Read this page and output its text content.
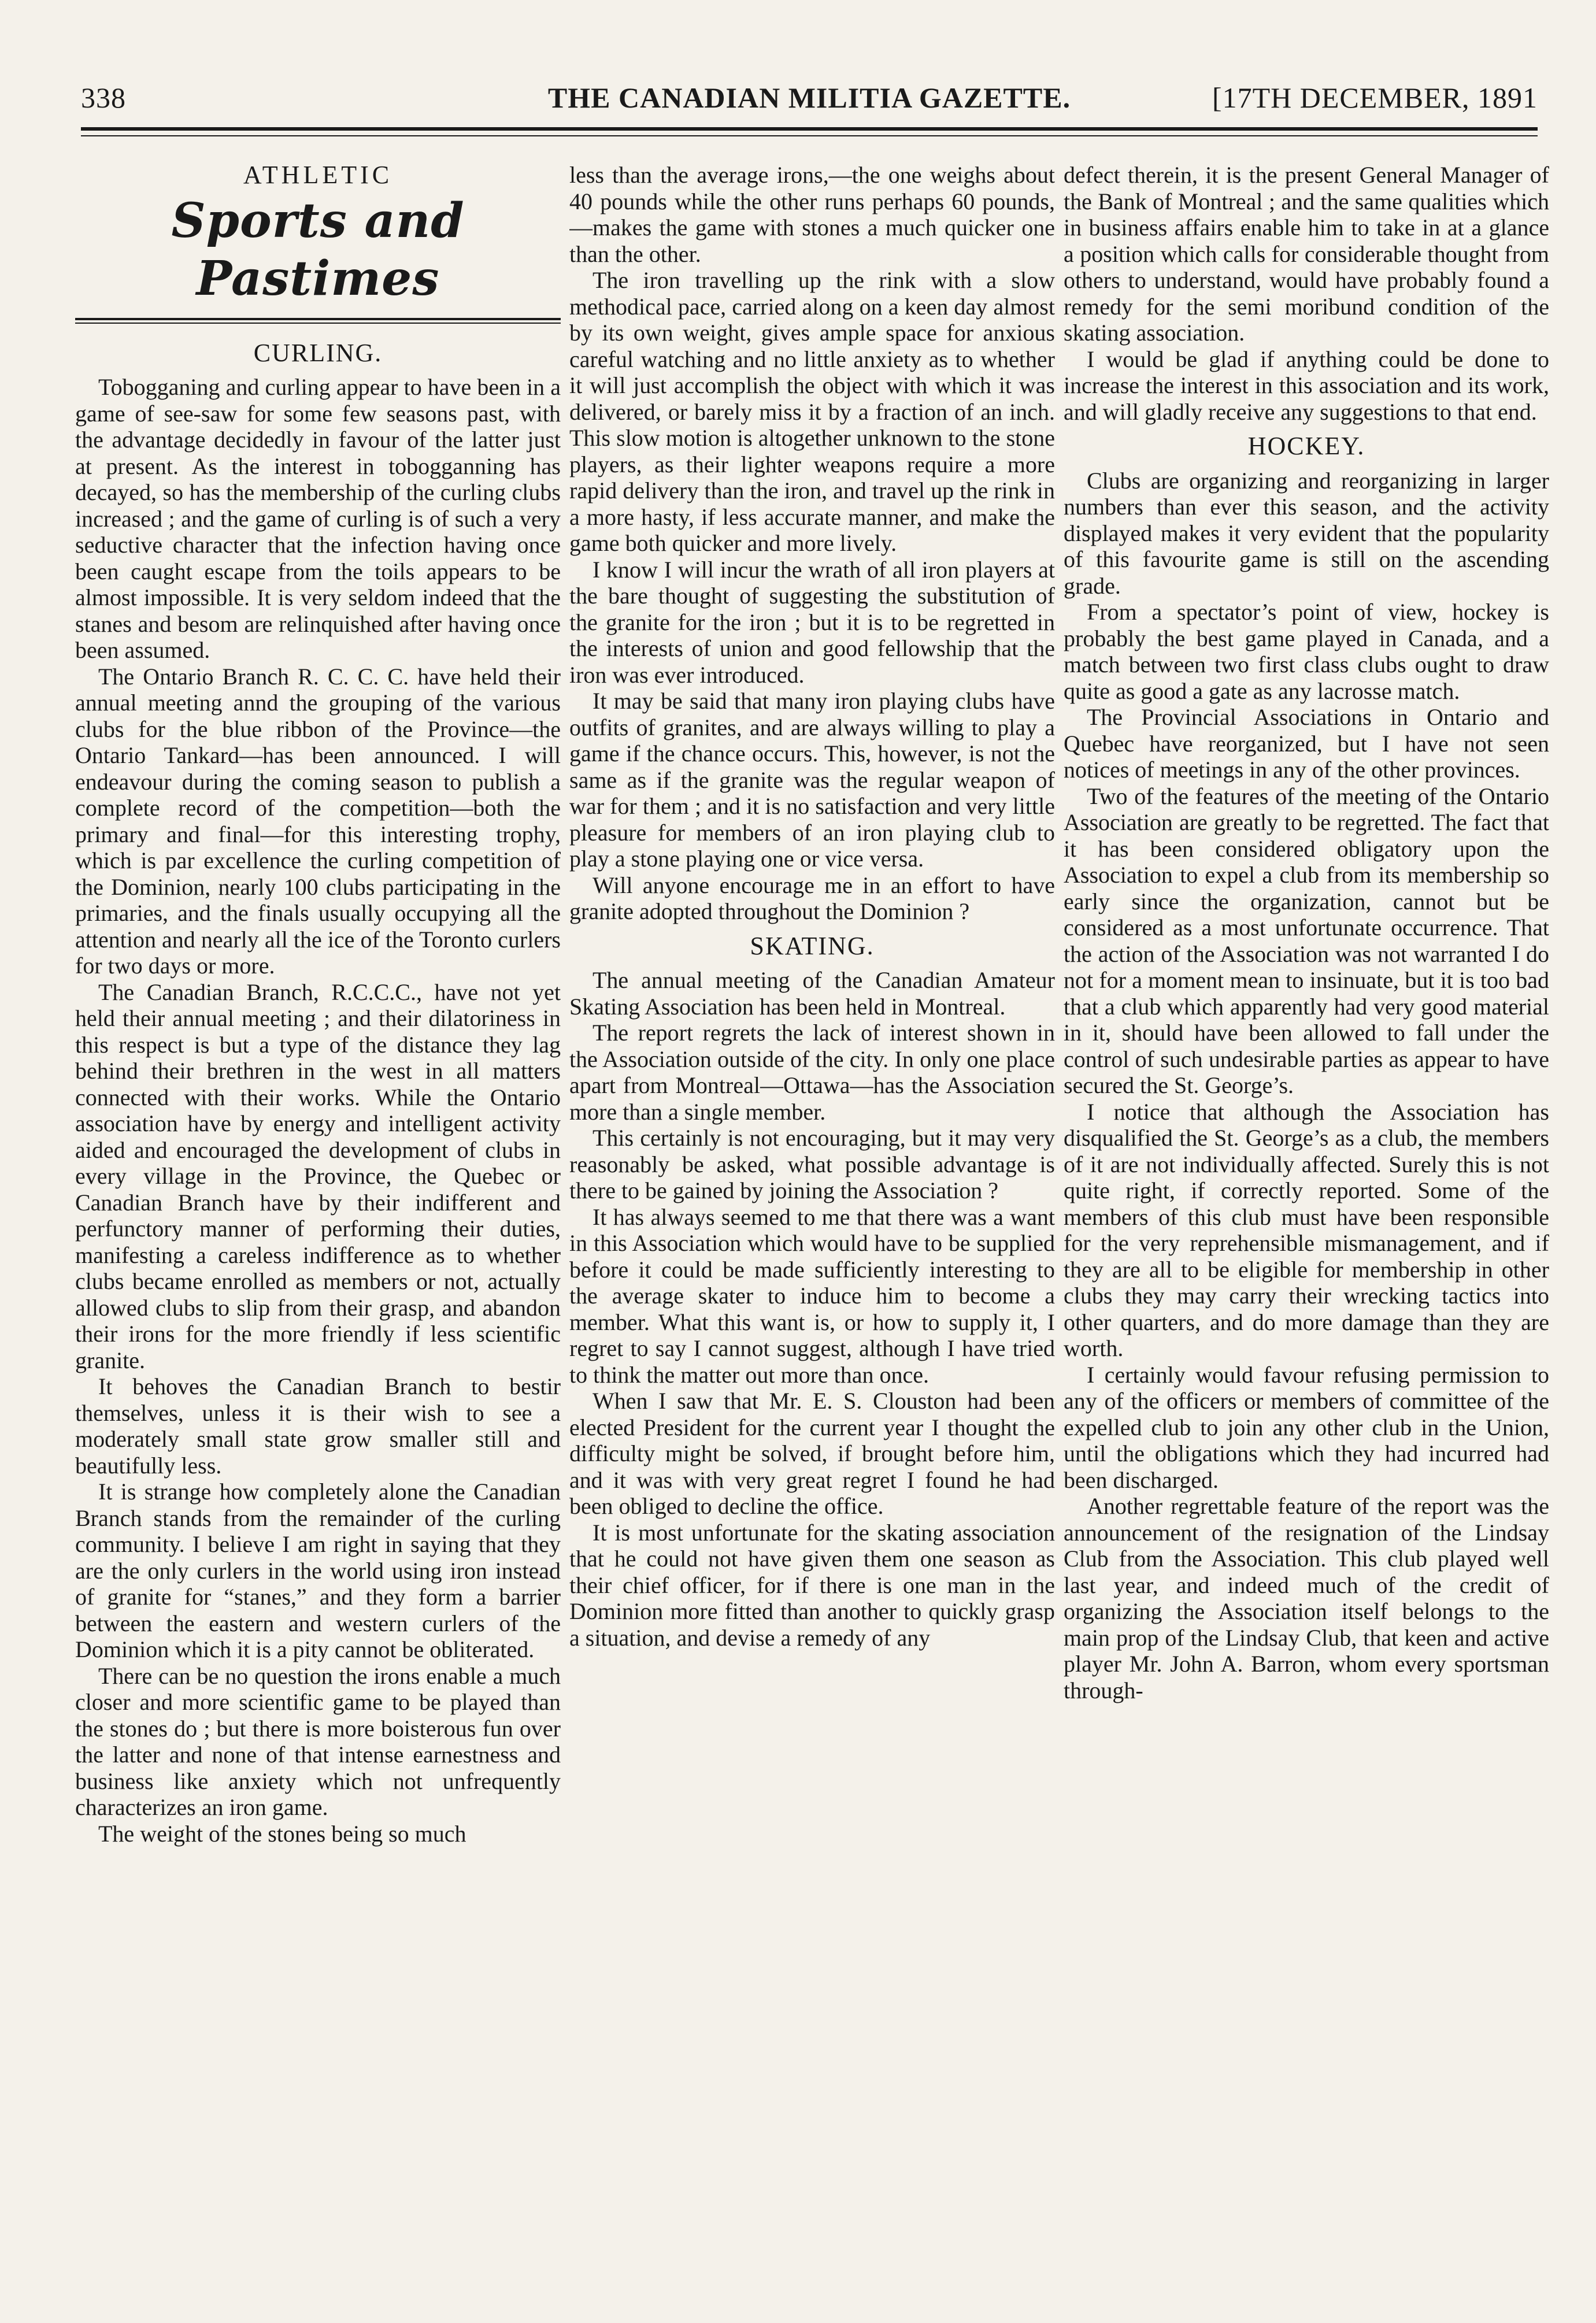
338	THE CANADIAN MILITIA GAZETTE.	[17TH DECEMBER, 1891
ATHLETIC
Sports and Pastimes
CURLING.

Tobogganing and curling appear to have been in a game of see-saw for some few seasons past, with the advantage decidedly in favour of the latter just at present. As the interest in tobogganning has decayed, so has the membership of the curling clubs increased ; and the game of curling is of such a very seductive character that the infection having once been caught escape from the toils appears to be almost impossible. It is very seldom indeed that the stanes and besom are relinquished after having once been assumed.

The Ontario Branch R. C. C. C. have held their annual meeting annd the grouping of the various clubs for the blue ribbon of the Province—the Ontario Tankard—has been announced. I will endeavour during the coming season to publish a complete record of the competition—both the primary and final—for this interesting trophy, which is par excellence the curling competition of the Dominion, nearly 100 clubs participating in the primaries, and the finals usually occupying all the attention and nearly all the ice of the Toronto curlers for two days or more.

The Canadian Branch, R.C.C.C., have not yet held their annual meeting ; and their dilatoriness in this respect is but a type of the distance they lag behind their brethren in the west in all matters connected with their works. While the Ontario association have by energy and intelligent activity aided and encouraged the development of clubs in every village in the Province, the Quebec or Canadian Branch have by their indifferent and perfunctory manner of performing their duties, manifesting a careless indifference as to whether clubs became enrolled as members or not, actually allowed clubs to slip from their grasp, and abandon their irons for the more friendly if less scientific granite.

It behoves the Canadian Branch to bestir themselves, unless it is their wish to see a moderately small state grow smaller still and beautifully less.

It is strange how completely alone the Canadian Branch stands from the remainder of the curling community. I believe I am right in saying that they are the only curlers in the world using iron instead of granite for “stanes,” and they form a barrier between the eastern and western curlers of the Dominion which it is a pity cannot be obliterated.

There can be no question the irons enable a much closer and more scientific game to be played than the stones do ; but there is more boisterous fun over the latter and none of that intense earnestness and business like anxiety which not unfrequently characterizes an iron game.

The weight of the stones being so much

less than the average irons,—the one weighs about 40 pounds while the other runs perhaps 60 pounds,—makes the game with stones a much quicker one than the other.

The iron travelling up the rink with a slow methodical pace, carried along on a keen day almost by its own weight, gives ample space for anxious careful watching and no little anxiety as to whether it will just accomplish the object with which it was delivered, or barely miss it by a fraction of an inch. This slow motion is altogether unknown to the stone players, as their lighter weapons require a more rapid delivery than the iron, and travel up the rink in a more hasty, if less accurate manner, and make the game both quicker and more lively.

I know I will incur the wrath of all iron players at the bare thought of suggesting the substitution of the granite for the iron ; but it is to be regretted in the interests of union and good fellowship that the iron was ever introduced.

It may be said that many iron playing clubs have outfits of granites, and are always willing to play a game if the chance occurs. This, however, is not the same as if the granite was the regular weapon of war for them ; and it is no satisfaction and very little pleasure for members of an iron playing club to play a stone playing one or vice versa.

Will anyone encourage me in an effort to have granite adopted throughout the Dominion ?

SKATING.

The annual meeting of the Canadian Amateur Skating Association has been held in Montreal.

The report regrets the lack of interest shown in the Association outside of the city. In only one place apart from Montreal—Ottawa—has the Association more than a single member.

This certainly is not encouraging, but it may very reasonably be asked, what possible advantage is there to be gained by joining the Association ?

It has always seemed to me that there was a want in this Association which would have to be supplied before it could be made sufficiently interesting to the average skater to induce him to become a member. What this want is, or how to supply it, I regret to say I cannot suggest, although I have tried to think the matter out more than once.

When I saw that Mr. E. S. Clouston had been elected President for the current year I thought the difficulty might be solved, if brought before him, and it was with very great regret I found he had been obliged to decline the office.

It is most unfortunate for the skating association that he could not have given them one season as their chief officer, for if there is one man in the Dominion more fitted than another to quickly grasp a situation, and devise a remedy of any

defect therein, it is the present General Manager of the Bank of Montreal ; and the same qualities which in business affairs enable him to take in at a glance a position which calls for considerable thought from others to understand, would have probably found a remedy for the semi moribund condition of the skating association.

I would be glad if anything could be done to increase the interest in this association and its work, and will gladly receive any suggestions to that end.

HOCKEY.

Clubs are organizing and reorganizing in larger numbers than ever this season, and the activity displayed makes it very evident that the popularity of this favourite game is still on the ascending grade.

From a spectator’s point of view, hockey is probably the best game played in Canada, and a match between two first class clubs ought to draw quite as good a gate as any lacrosse match.

The Provincial Associations in Ontario and Quebec have reorganized, but I have not seen notices of meetings in any of the other provinces.

Two of the features of the meeting of the Ontario Association are greatly to be regretted. The fact that it has been considered obligatory upon the Association to expel a club from its membership so early since the organization, cannot but be considered as a most unfortunate occurrence. That the action of the Association was not warranted I do not for a moment mean to insinuate, but it is too bad that a club which apparently had very good material in it, should have been allowed to fall under the control of such undesirable parties as appear to have secured the St. George’s.

I notice that although the Association has disqualified the St. George’s as a club, the members of it are not individually affected. Surely this is not quite right, if correctly reported. Some of the members of this club must have been responsible for the very reprehensible mismanagement, and if they are all to be eligible for membership in other clubs they may carry their wrecking tactics into other quarters, and do more damage than they are worth.

I certainly would favour refusing permission to any of the officers or members of committee of the expelled club to join any other club in the Union, until the obligations which they had incurred had been discharged.

Another regrettable feature of the report was the announcement of the resignation of the Lindsay Club from the Association. This club played well last year, and indeed much of the credit of organizing the Association itself belongs to the main prop of the Lindsay Club, that keen and active player Mr. John A. Barron, whom every sportsman through-
